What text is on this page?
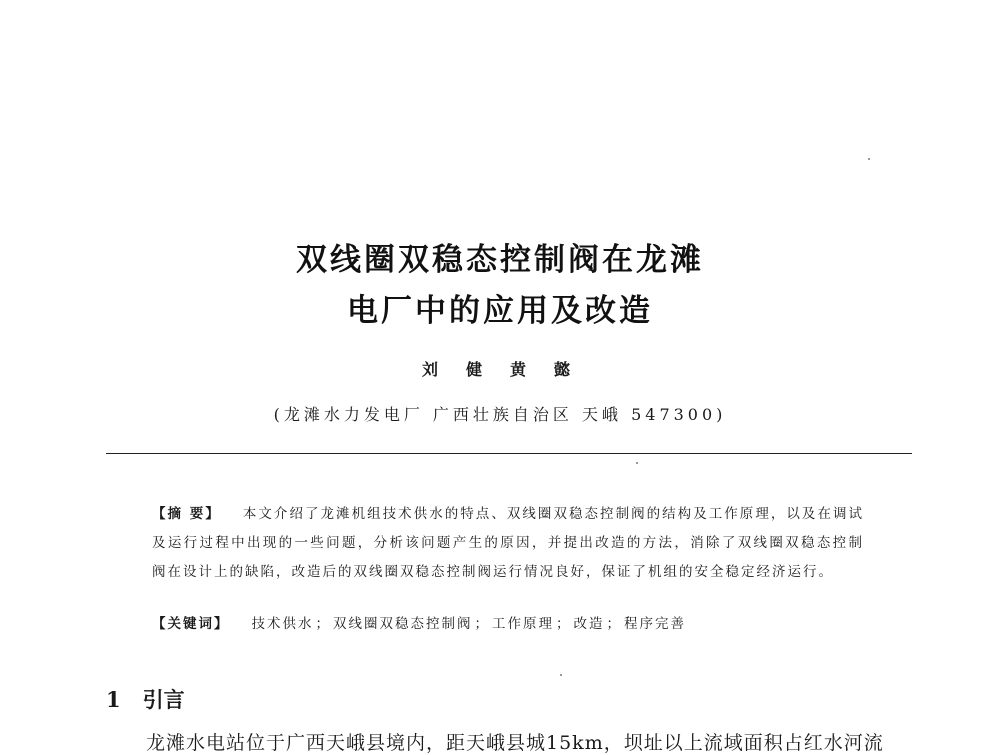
双线圈双稳态控制阀在龙滩
电厂中的应用及改造
刘健黄懿
(龙滩水力发电厂 广西壮族自治区 天峨 547300)
【摘 要】 本文介绍了龙滩机组技术供水的特点、双线圈双稳态控制阀的结构及工作原理，以及在调试及运行过程中出现的一些问题，分析该问题产生的原因，并提出改造的方法，消除了双线圈双稳态控制阀在设计上的缺陷，改造后的双线圈双稳态控制阀运行情况良好，保证了机组的安全稳定经济运行。
【关键词】 技术供水 ； 双线圈双稳态控制阀 ； 工作原理 ； 改造 ； 程序完善
1 引言
龙滩水电站位于广西天峨县境内，距天峨县城15km，坝址以上流域面积占红水河流
